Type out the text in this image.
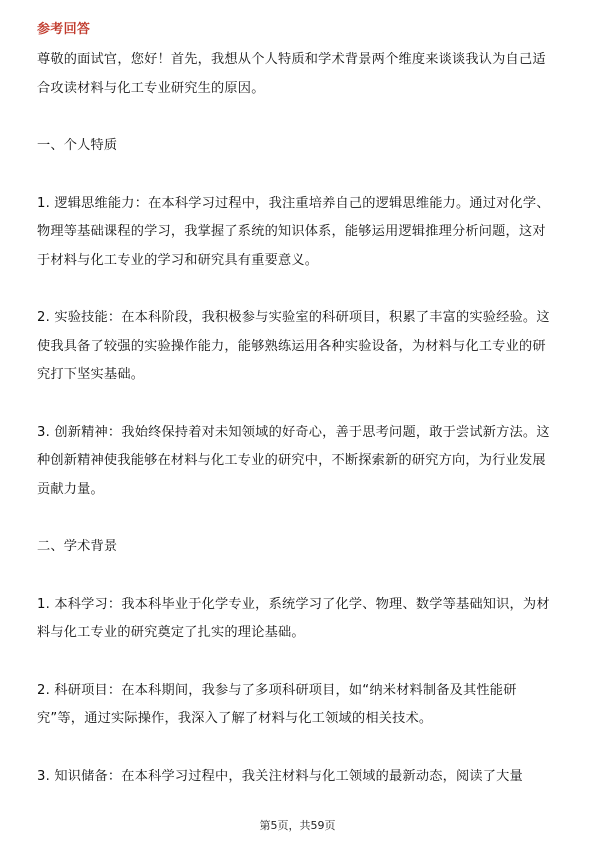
参考回答

尊敬的面试官，您好！首先，我想从个人特质和学术背景两个维度来谈谈我认为自己适合攻读材料与化工专业研究生的原因。

一、个人特质

1. 逻辑思维能力：在本科学习过程中，我注重培养自己的逻辑思维能力。通过对化学、物理等基础课程的学习，我掌握了系统的知识体系，能够运用逻辑推理分析问题，这对于材料与化工专业的学习和研究具有重要意义。

2. 实验技能：在本科阶段，我积极参与实验室的科研项目，积累了丰富的实验经验。这使我具备了较强的实验操作能力，能够熟练运用各种实验设备，为材料与化工专业的研究打下坚实基础。

3. 创新精神：我始终保持着对未知领域的好奇心，善于思考问题，敢于尝试新方法。这种创新精神使我能够在材料与化工专业的研究中，不断探索新的研究方向，为行业发展贡献力量。

二、学术背景

1. 本科学习：我本科毕业于化学专业，系统学习了化学、物理、数学等基础知识，为材料与化工专业的研究奠定了扎实的理论基础。

2. 科研项目：在本科期间，我参与了多项科研项目，如“纳米材料制备及其性能研究”等，通过实际操作，我深入了解了材料与化工领域的相关技术。

3. 知识储备：在本科学习过程中，我关注材料与化工领域的最新动态，阅读了大量

第5页，共59页
